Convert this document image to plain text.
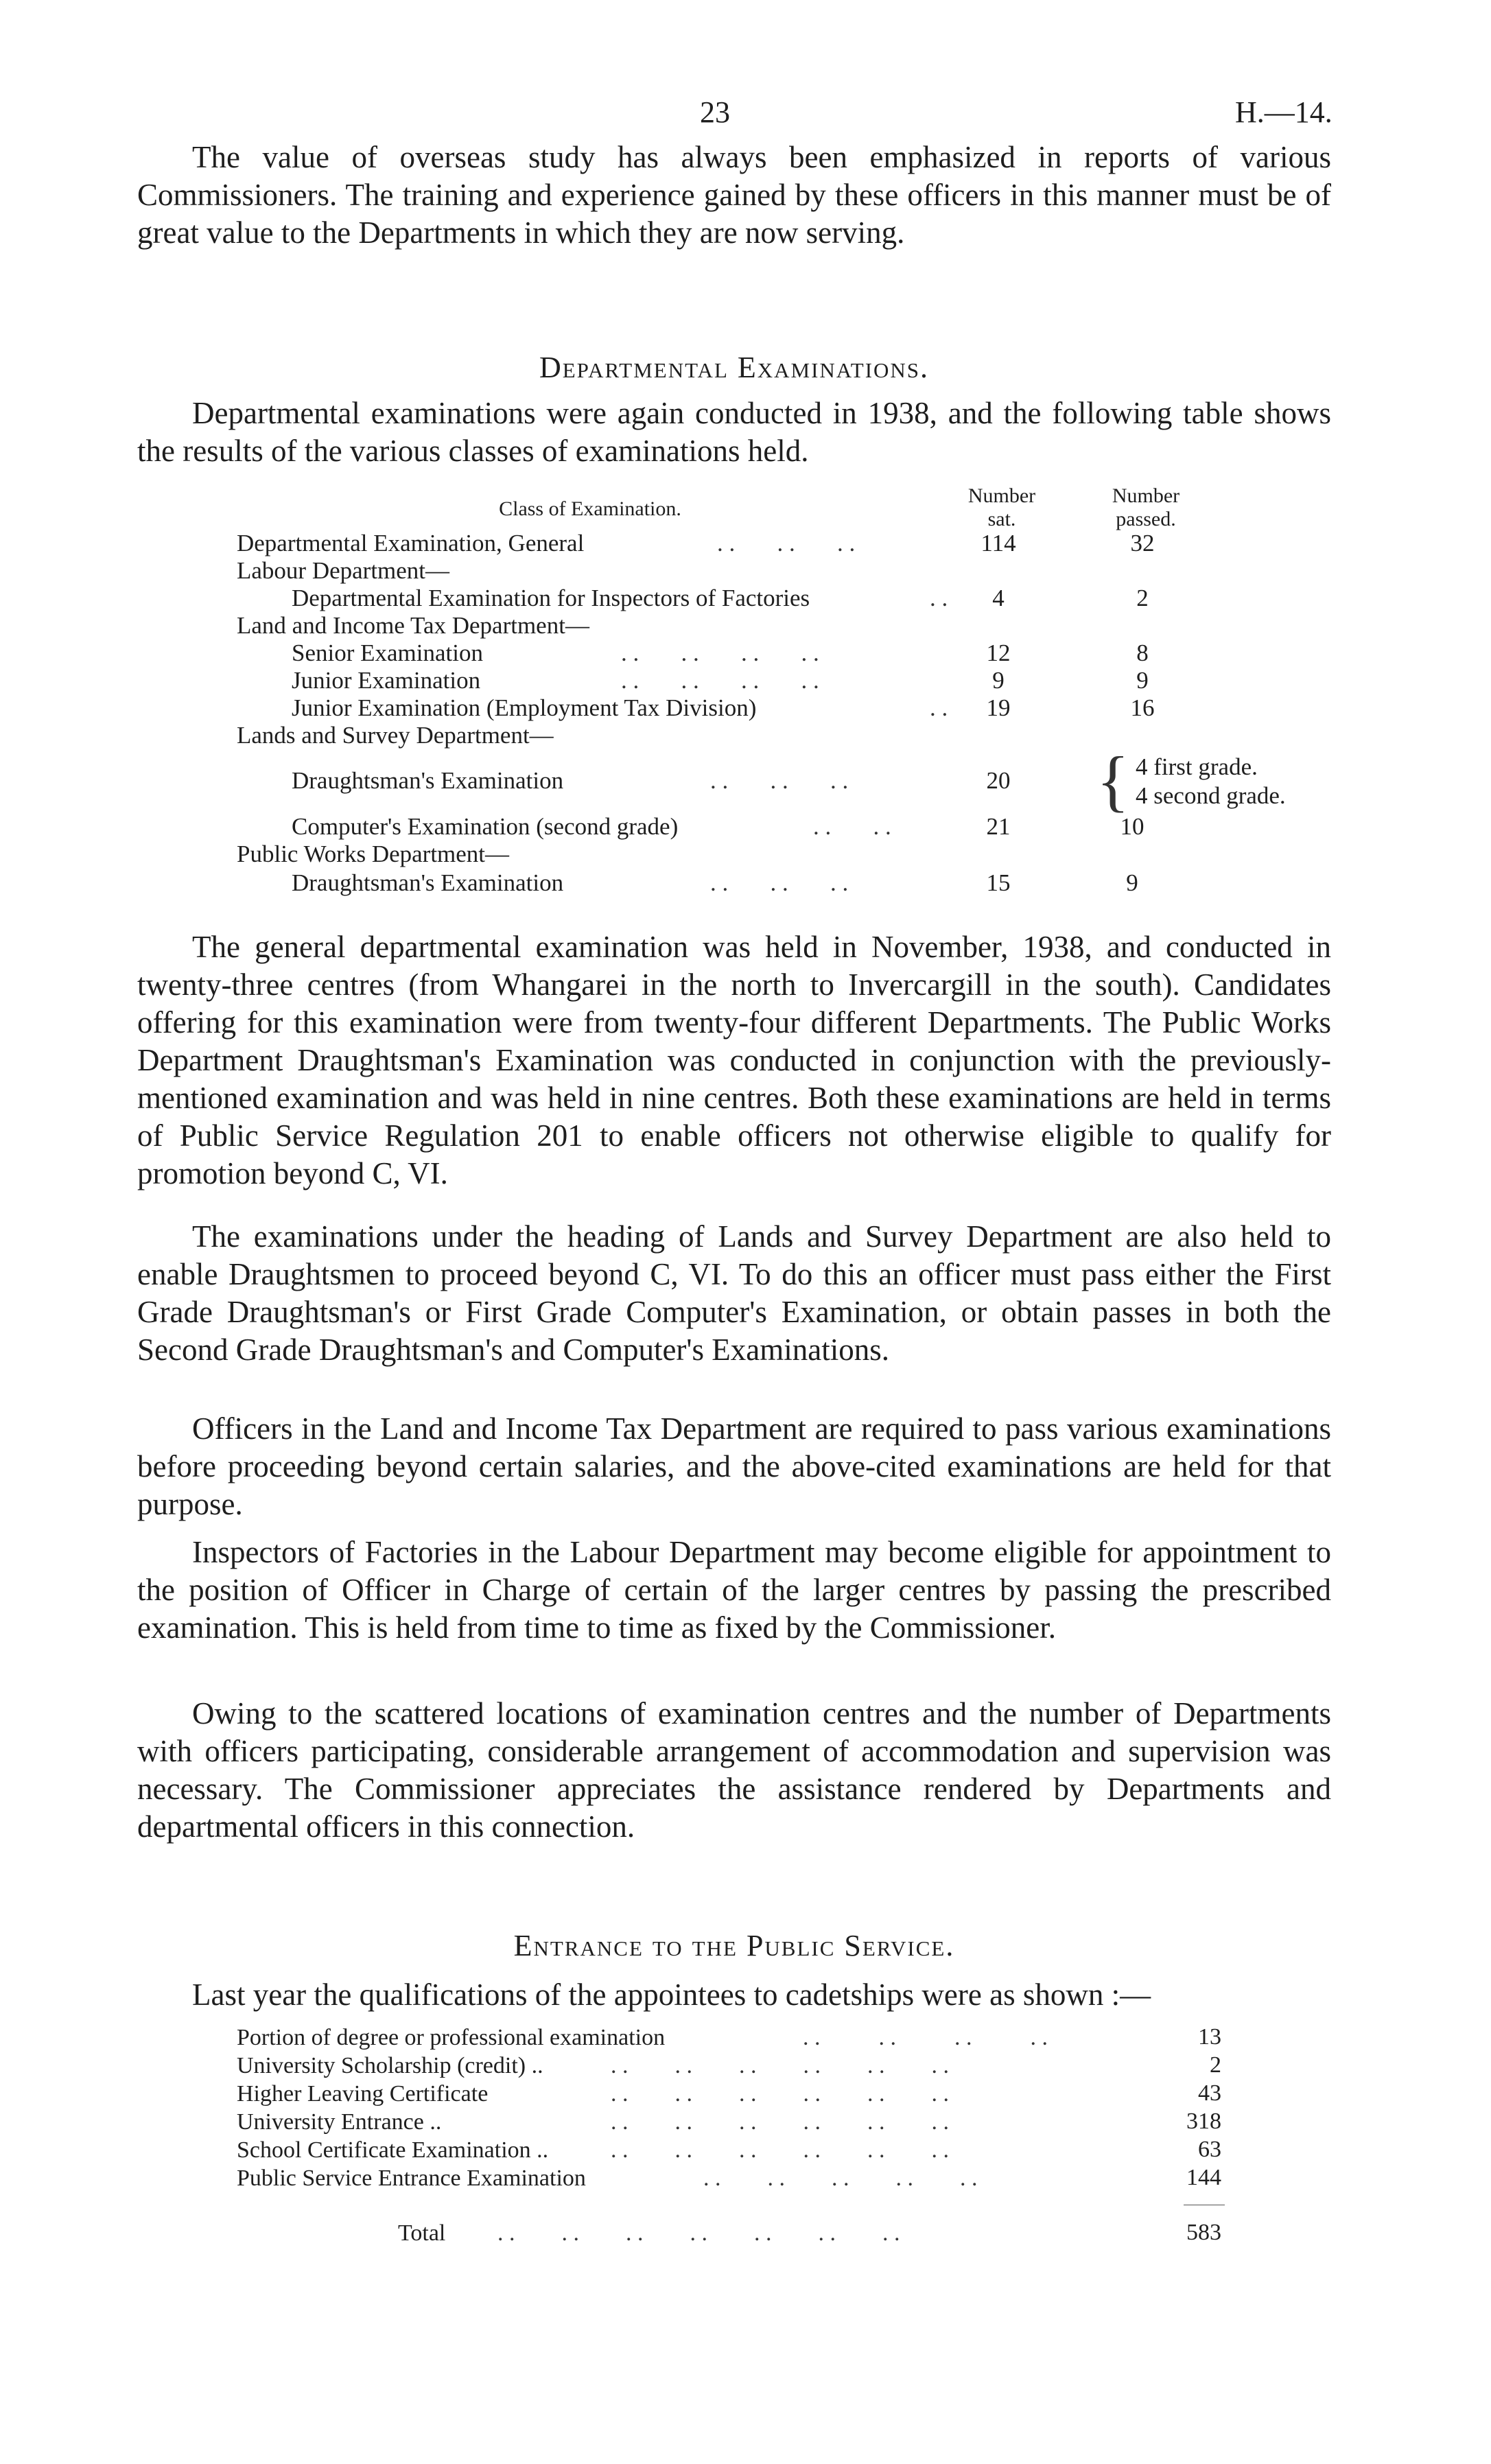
23	H.—14.

The value of overseas study has always been emphasized in reports of various Commissioners. The training and experience gained by these officers in this manner must be of great value to the Departments in which they are now serving.

Departmental Examinations.

Departmental examinations were again conducted in 1938, and the following table shows the results of the various classes of examinations held.

Class of Examination.
Number sat.
Number passed.
Departmental Examination, General	. .       . .       . .	114	32
Labour Department—
Departmental Examination for Inspectors of Factories	. .	4	2
Land and Income Tax Department—
Senior Examination	. .       . .       . .       . .	12	8
Junior Examination	. .       . .       . .       . .	9	9
Junior Examination (Employment Tax Division)	. .	19	16
Lands and Survey Department—
Draughtsman's Examination	. .       . .       . .	20	{ 4 first grade.
4 second grade.
Computer's Examination (second grade)	. .       . .	21	10
Public Works Department—
Draughtsman's Examination	. .       . .       . .	15	9

The general departmental examination was held in November, 1938, and conducted in twenty-three centres (from Whangarei in the north to Invercargill in the south). Candidates offering for this examination were from twenty-four different Departments. The Public Works Department Draughtsman's Examination was conducted in conjunction with the previously-mentioned examination and was held in nine centres. Both these examinations are held in terms of Public Service Regulation 201 to enable officers not otherwise eligible to qualify for promotion beyond C, VI.

The examinations under the heading of Lands and Survey Department are also held to enable Draughtsmen to proceed beyond C, VI. To do this an officer must pass either the First Grade Draughtsman's or First Grade Computer's Examination, or obtain passes in both the Second Grade Draughtsman's and Computer's Examinations.

Officers in the Land and Income Tax Department are required to pass various examinations before proceeding beyond certain salaries, and the above-cited examinations are held for that purpose.

Inspectors of Factories in the Labour Department may become eligible for appointment to the position of Officer in Charge of certain of the larger centres by passing the prescribed examination. This is held from time to time as fixed by the Commissioner.

Owing to the scattered locations of examination centres and the number of Departments with officers participating, considerable arrangement of accommodation and supervision was necessary. The Commissioner appreciates the assistance rendered by Departments and departmental officers in this connection.

Entrance to the Public Service.

Last year the qualifications of the appointees to cadetships were as shown :—

Portion of degree or professional examination	. .          . .          . .          . .	13
University Scholarship (credit) ..	. .        . .        . .        . .        . .        . .	2
Higher Leaving Certificate	. .        . .        . .        . .        . .        . .	43
University Entrance ..	. .        . .        . .        . .        . .        . .	318
School Certificate Examination ..	. .        . .        . .        . .        . .        . .	63
Public Service Entrance Examination	. .        . .        . .        . .        . .	144
Total . .        . .        . .        . .        . .        . .        . .	583
